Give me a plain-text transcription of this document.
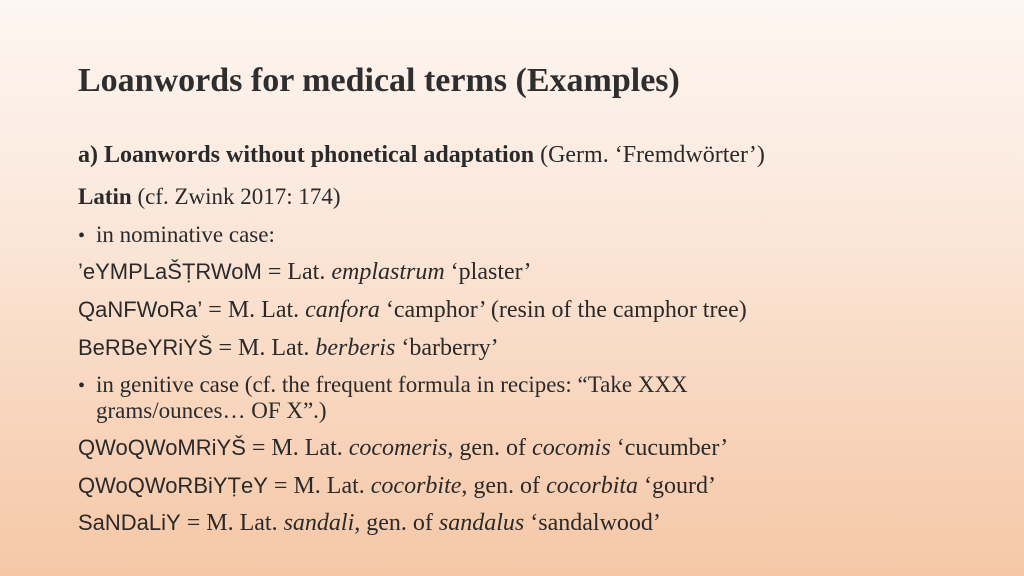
Loanwords for medical terms (Examples)
a) Loanwords without phonetical adaptation (Germ. ‘Fremdwörter’)
Latin (cf. Zwink 2017: 174)
• in nominative case:
’eYMPLaŠṬRWoM = Lat. emplastrum ‘plaster’
QaNFWoRa’ = M. Lat. canfora ‘camphor’ (resin of the camphor tree)
BeRBeYRiYŠ = M. Lat. berberis ‘barberry’
• in genitive case (cf. the frequent formula in recipes: “Take XXX
grams/ounces… OF X”.)
QWoQWoMRiYŠ = M. Lat. cocomeris, gen. of cocomis ‘cucumber’
QWoQWoRBiYṬeY = M. Lat. cocorbite, gen. of cocorbita ‘gourd’
SaNDaLiY = M. Lat. sandali, gen. of sandalus ‘sandalwood’
